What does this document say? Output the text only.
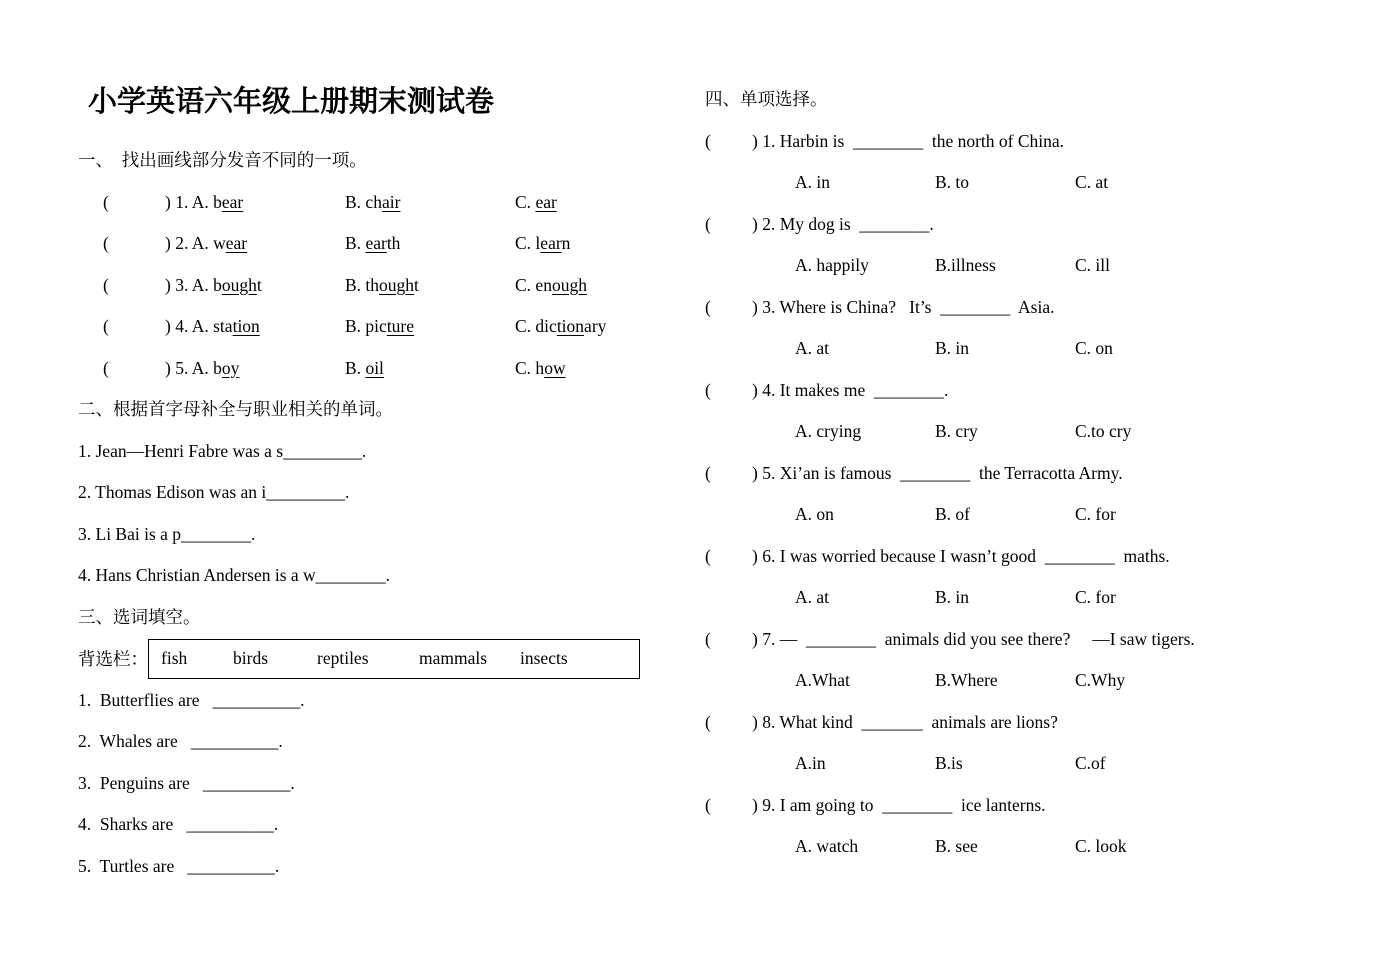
小学英语六年级上册期末测试卷
一、  找出画线部分发音不同的一项。
(	) 1. A. bear	B. chair	C. ear
(	) 2. A. wear	B. earth	C. learn
(	) 3. A. bought	B. thought	C. enough
(	) 4. A. station	B. picture	C. dictionary
(	) 5. A. boy	B. oil	C. how
二、根据首字母补全与职业相关的单词。
1. Jean—Henri Fabre was a s_________.
2. Thomas Edison was an i_________.
3. Li Bai is a p________.
4. Hans Christian Andersen is a w________.
三、选词填空。
背选栏： fish	birds	reptiles	mammals	insects
1.  Butterflies are   __________.
2.  Whales are   __________.
3.  Penguins are   __________.
4.  Sharks are   __________.
5.  Turtles are   __________.
四、单项选择。
( ) 1. Harbin is  ________  the north of China.
A. in	B. to	C. at
( ) 2. My dog is  ________.
A. happily	B.illness	C. ill
( ) 3. Where is China?   It’s  ________  Asia.
A. at	B. in	C. on
( ) 4. It makes me  ________.
A. crying	B. cry	C.to cry
( ) 5. Xi’an is famous  ________  the Terracotta Army.
A. on	B. of	C. for
( ) 6. I was worried because I wasn’t good  ________  maths.
A. at	B. in	C. for
( ) 7. —  ________  animals did you see there?     —I saw tigers.
A.What	B.Where	C.Why
( ) 8. What kind  _______  animals are lions?
A.in	B.is	C.of
( ) 9. I am going to  ________  ice lanterns.
A. watch	B. see	C. look
